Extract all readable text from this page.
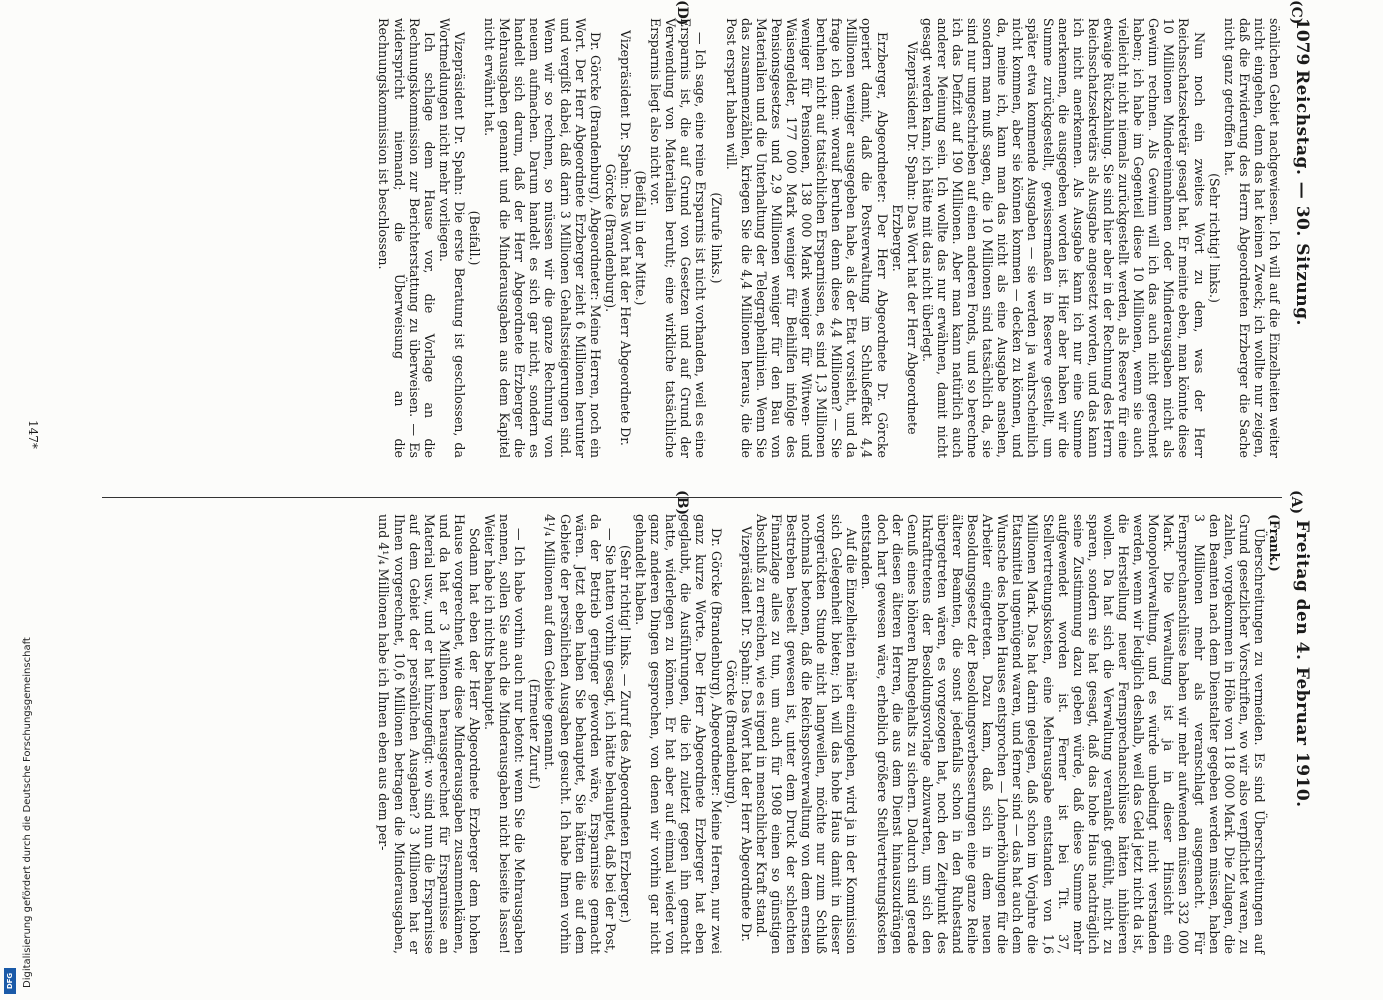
1079
Reichstag. — 30. Sitzung.
Freitag den 4. Februar 1910.

(Frank.)

Überschreitungen zu vermeiden. Es sind Überschreitungen auf Grund gesetzlicher Vorschriften, wo wir also verpflichtet waren, zu zahlen, vorgekommen in Höhe von 118 000 Mark. Die Zulagen, die den Beamten nach dem Dienstalter gegeben werden müssen, haben 3 Millionen mehr als veranschlagt ausgemacht. Für Fernsprechanschlüsse haben wir mehr aufwenden müssen 332 000 Mark. Die Verwaltung ist ja in dieser Hinsicht ein Monopolverwaltung, und es würde unbedingt nicht verstanden werden, wenn wir lediglich deshalb, weil das Geld jetzt nicht da ist, die Herstellung neuer Fernsprechanschlüsse hätten inhibieren wollen. Da hat sich die Verwaltung veranlaßt gefühlt, nicht zu sparen, sondern sie hat gesagt, daß das hohe Haus nachträglich seine Zustimmung dazu geben würde, daß diese Summe mehr aufgewendet worden ist. Ferner ist bei Tit. 37, Stellvertretungskosten, eine Mehrausgabe entstanden von 1,6 Millionen Mark. Das hat darin gelegen, daß schon im Vorjahre die Etatsmittel ungenügend waren, und ferner sind — das hat auch dem Wunsche des hohen Hauses entsprochen — Lohnerhöhungen für die Arbeiter eingetreten. Dazu kam, daß sich in dem neuen Besoldungsgesetz der Besoldungsverbesserungen eine ganze Reihe älterer Beamten, die sonst jedenfalls schon in den Ruhestand übergetreten wären, es vorgezogen hat, noch den Zeitpunkt des Inkrafttretens der Besoldungsvorlage abzuwarten, um sich den Genuß eines höheren Ruhegehalts zu sichern. Dadurch sind gerade der diesen älteren Herren, die aus dem Dienst hinauszudrängen doch hart gewesen wäre, erheblich größere Stellvertretungskosten entstanden.

Auf die Einzelheiten näher einzugehen, wird ja in der Kommission sich Gelegenheit bieten; ich will das hohe Haus damit in dieser vorgerückten Stunde nicht langweilen, möchte nur zum Schluß nochmals betonen, daß die Reichspostverwaltung von dem ernsten Bestreben beseelt gewesen ist, unter dem Druck der schlechten Finanzlage alles zu tun, um auch für 1908 einen so günstigen Abschluß zu erreichen, wie es irgend in menschlicher Kraft stand.

Vizepräsident Dr. Spahn: Das Wort hat der Herr Abgeordnete Dr. Görcke (Brandenburg).

Dr. Görcke (Brandenburg), Abgeordneter: Meine Herren, nur zwei ganz kurze Worte. Der Herr Abgeordnete Erzberger hat eben geglaubt, die Ausführungen, die ich zuletzt gegen ihn gemacht hatte, widerlegen zu können. Er hat aber auf einmal wieder von ganz anderen Dingen gesprochen, von denen wir vorhin gar nicht gehandelt haben.

(Sehr richtig! links. — Zuruf des Abgeordneten Erzberger.)

— Sie hatten vorhin gesagt, ich hätte behauptet, daß bei der Post, da der Betrieb geringer geworden wäre, Ersparnisse gemacht wären. Jetzt eben haben Sie behauptet, Sie hätten die auf dem Gebiete der persönlichen Ausgaben gesucht. Ich habe Ihnen vorhin 4¹/₄ Millionen auf dem Gebiete genannt.

(Erneuter Zuruf.)

— Ich habe vorhin auch nur betont: wenn Sie die Mehrausgaben nennen, sollen Sie auch die Minderausgaben nicht beiseite lassen! Weiter habe ich nichts behauptet.

Sodann hat eben der Herr Abgeordnete Erzberger dem hohen Hause vorgerechnet, wie diese Minderausgaben zusammenkämen, und da hat er 3 Millionen herausgerechnet für Ersparnisse an Material usw., und er hat hinzugefügt: wo sind nun die Ersparnisse auf dem Gebiet der persönlichen Ausgaben? 3 Millionen hat er Ihnen vorgerechnet, 10,6 Millionen betragen die Minderausgaben, und 4¹/₄ Millionen habe ich Ihnen eben aus dem per-

(A)
(B)

sönlichen Gebiet nachgewiesen. Ich will auf die Einzelheiten weiter nicht eingehen, denn das hat keinen Zweck; ich wollte nur zeigen, daß die Erwiderung des Herrn Abgeordneten Erzberger die Sache nicht ganz getroffen hat.

(Sehr richtig! links.)

Nun noch ein zweites Wort zu dem, was der Herr Reichsschatzsekretär gesagt hat. Er meinte eben, man könnte diese 10 Millionen Mindereinnahmen oder Minderausgaben nicht als Gewinn rechnen. Als Gewinn will ich das auch nicht gerechnet haben; ich habe im Gegenteil diese 10 Millionen, wenn sie auch vielleicht nicht niemals zurückgestellt werden, als Reserve für eine etwaige Rückzahlung. Sie sind hier aber in der Rechnung des Herrn Reichsschatzsekretärs als Ausgabe angesetzt worden, und das kann ich nicht anerkennen. Als Ausgabe kann ich nur eine Summe anerkennen, die ausgegeben worden ist. Hier aber haben wir die Summe zurückgestellt, gewissermaßen in Reserve gestellt, um später etwa kommende Ausgaben — sie werden ja wahrscheinlich nicht kommen, aber sie können kommen — decken zu können, und da, meine ich, kann man das nicht als eine Ausgabe ansehen, sondern man muß sagen, die 10 Millionen sind tatsächlich da, sie sind nur umgeschrieben auf einen anderen Fonds, und so berechne ich das Defizit auf 190 Millionen. Aber man kann natürlich auch anderer Meinung sein. Ich wollte das nur erwähnen, damit nicht gesagt werden kann, ich hätte mit das nicht überlegt.

Vizepräsident Dr. Spahn: Das Wort hat der Herr Abgeordnete Erzberger.

Erzberger, Abgeordneter: Der Herr Abgeordnete Dr. Görcke operiert damit, daß die Postverwaltung im Schlußeffekt 4,4 Millionen weniger ausgegeben habe, als der Etat vorsieht, und da frage ich denn: worauf beruhen denn diese 4,4 Millionen? — Sie beruhen nicht auf tatsächlichen Ersparnissen, es sind 1,3 Millionen weniger für Pensionen, 138 000 Mark weniger für Witwen- und Waisengelder, 177 000 Mark weniger für Beihilfen infolge des Pensionsgesetzes und 2,9 Millionen weniger für den Bau von Materialien und die Unterhaltung der Telegraphenlinien. Wenn Sie das zusammenzählen, kriegen Sie die 4,4 Millionen heraus, die die Post erspart haben will.

(Zurufe links.)

— Ich sage, eine reine Ersparnis ist nicht vorhanden, weil es eine Ersparnis ist, die auf Grund von Gesetzen und auf Grund der Verwendung von Materialien beruht; eine wirkliche tatsächliche Ersparnis liegt also nicht vor.

(Beifall in der Mitte.)

Vizepräsident Dr. Spahn: Das Wort hat der Herr Abgeordnete Dr. Görcke (Brandenburg).

Dr. Görcke (Brandenburg), Abgeordneter: Meine Herren, noch ein Wort. Der Herr Abgeordnete Erzberger zieht 6 Millionen herunter und vergißt dabei, daß darin 3 Millionen Gehaltssteigerungen sind. Wenn wir so rechnen, so müssen wir die ganze Rechnung von neuem aufmachen. Darum handelt es sich gar nicht, sondern es handelt sich darum, daß der Herr Abgeordnete Erzberger die Mehrausgaben genannt und die Minderausgaben aus dem Kapitel nicht erwähnt hat.

(Beifall.)

Vizepräsident Dr. Spahn: Die erste Beratung ist geschlossen, da Wortmeldungen nicht mehr vorliegen.

Ich schlage dem Hause vor, die Vorlage an die Rechnungskommission zur Berichterstattung zu überweisen. — Es widerspricht niemand; die Überweisung an die Rechnungskommission ist beschlossen.

(C)
(D)
147*
Digitalisierung gefördert durch die Deutsche Forschungsgemeinschaft
DFG
